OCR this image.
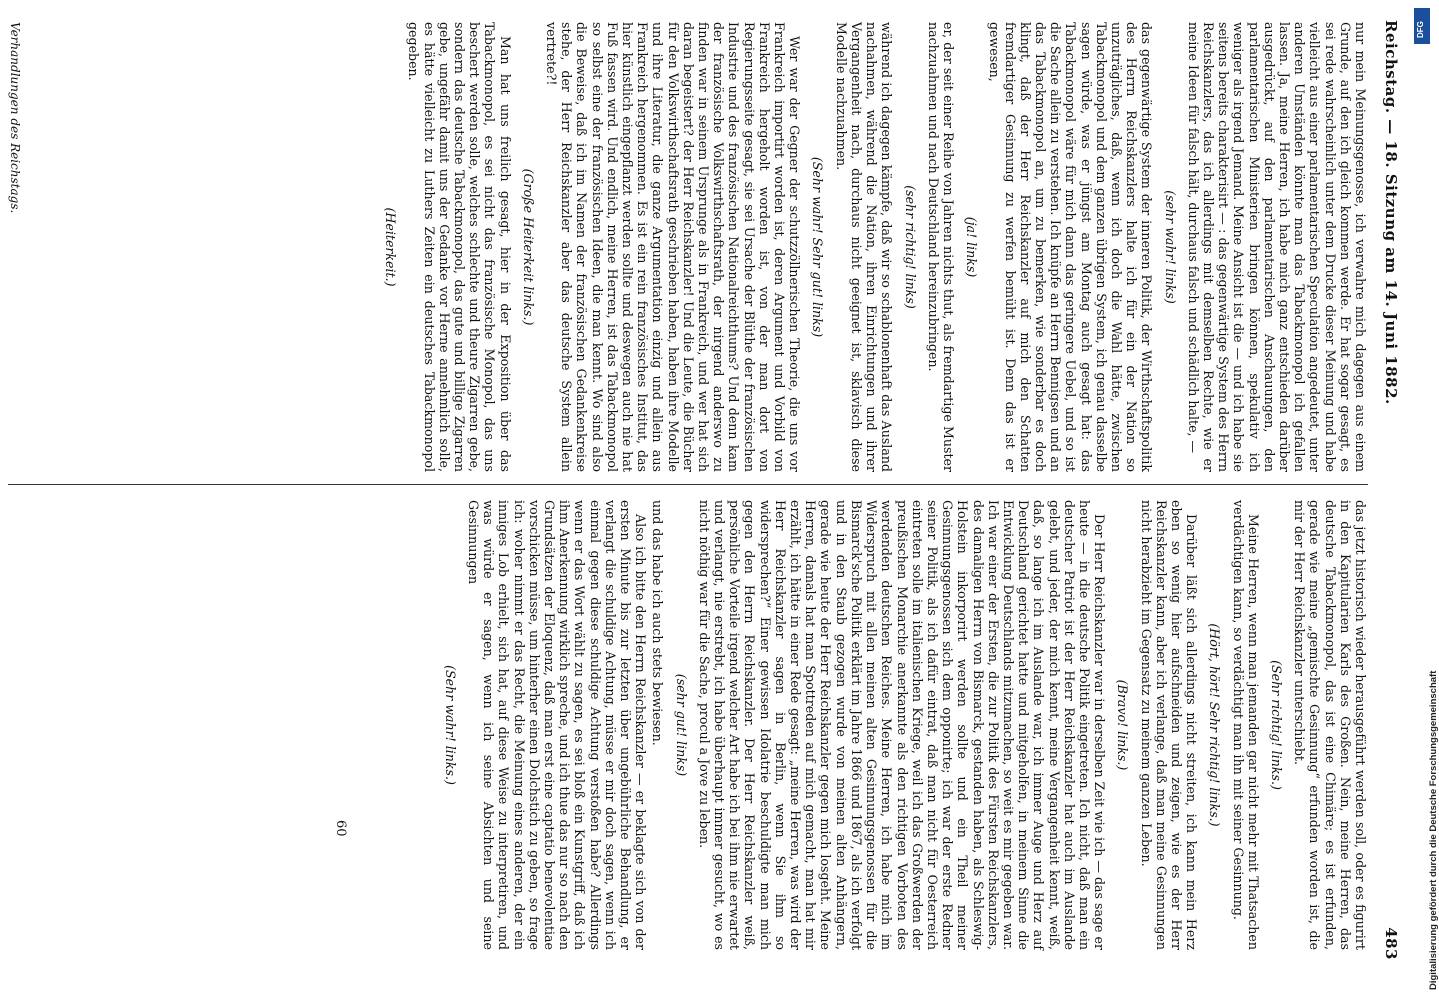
Reichstag. — 18. Sitzung am 14. Juni 1882.
483

nur mein Meinungsgenosse, ich verwahre mich dagegen aus einem Grunde, auf den ich gleich kommen werde. Er hat sogar gesagt, es sei rede wahrscheinlich unter dem Drucke dieser Meinung und habe vielleicht aus einer parlamentarischen Speculation angedeutet, unter anderen Umständen könnte man das Tabackmonopol ich gefallen lassen. Ja, meine Herren, ich habe mich ganz entschieden darüber ausgedrückt, auf den parlamentarischen Anschauungen, den parlamentarischen Ministerien bringen können, spekulativ ich weniger als irgend Jemand. Meine Ansicht ist die — und ich habe sie seitens bereits charakterisirt — : das gegenwärtige System des Herrn Reichskanzlers, das ich allerdings mit demselben Rechte, wie er meine Ideen für falsch hält, durchaus falsch und schädlich halte, —

(sehr wahr! links)

das gegenwärtige System der inneren Politik, der Wirthschaftspolitik des Herrn Reichskanzlers halte ich für ein der Nation so unzuträgliches, daß, wenn ich doch die Wahl hätte, zwischen Tabackmonopol und dem ganzen übrigen System, ich genau dasselbe sagen würde, was er jüngst am Montag auch gesagt hat: das Tabackmonopol wäre für mich dann das geringere Uebel, und so ist die Sache allein zu verstehen. Ich knüpfe an Herrn Bennigsen und an das Tabackmonopol an, um zu bemerken, wie sonderbar es doch klingt, daß der Herr Reichskanzler auf mich den Schatten fremdartiger Gesinnung zu werfen bemüht ist. Denn das ist er gewesen,

(ja! links)

er, der seit einer Reihe von Jahren nichts thut, als fremdartige Muster nachzuahmen und nach Deutschland hereinzubringen.

(sehr richtig! links)

während ich dagegen kämpfe, daß wir so schablonenhaft das Ausland nachahmen, während die Nation, ihren Einrichtungen und ihrer Vergangenheit nach, durchaus nicht geeignet ist, sklavisch diese Modelle nachzuahmen.

(Sehr wahr! Sehr gut! links)

Wer war der Gegner der schutzzöllnerischen Theorie, die uns vor Frankreich importirt worden ist, deren Argument und Vorbild von Frankreich hergeholt worden ist, von der man dort von Regierungsseite gesagt, sie sei Ursache der Blüthe der französischen Industrie und des französischen Nationalreichthums? Und denn kam der französische Volkswirthschaftsrath, der nirgend anderswo zu finden war in seinem Ursprunge als in Frankreich, und wer hat sich daran begeistert? der Herr Reichskanzler! Und die Leute, die Bücher für den Volkswirthschaftsrath geschrieben haben, haben ihre Modelle und ihre Literatur, die ganze Argumentation einzig und allein aus Frankreich hergenommen. Es ist ein rein französisches Institut, das hier künstlich eingepflanzt werden sollte und deswegen auch nie hat Fuß fassen wird. Und endlich, meine Herren, ist das Tabackmonopol so selbst eine der französischen Ideen, die man kennt. Wo sind also die Beweise, daß ich im Namen der französischen Gedankenkreise stehe, der Herr Reichskanzler aber das deutsche System allein vertrete?!

(Große Heiterkeit links.)

Man hat uns freilich gesagt, hier in der Exposition über das Tabackmonopol, es sei nicht das französische Monopol, das uns beschert werden solle, welches schlechte und theure Zigarren gebe, sondern das deutsche Tabackmonopol, das gute und billige Zigarren gebe, ungefähr damit uns der Gedanke vor Herne annehmlich solle, es hätte vielleicht zu Luthers Zeiten ein deutsches Tabackmonopol gegeben.

(Heiterkeit.)

das jetzt historisch wieder herausgeführt werden soll, oder es figurirt in den Kapitularien Karls des Großen. Nein, meine Herren, das deutsche Tabackmonopol, das ist eine Chimäre; es ist erfunden, gerade wie meine „gemischte Gesinnung“ erfunden worden ist, die mir der Herr Reichskanzler unterschiebt.

(Sehr richtig! links.)

Meine Herren, wenn man jemanden gar nicht mehr mit Thatsachen verdächtigen kann, so verdächtigt man ihn mit seiner Gesinnung.

(Hört, hört! Sehr richtig! links.)

Darüber läßt sich allerdings nicht streiten, ich kann mein Herz eben so wenig hier aufschneiden und zeigen, wie es der Herr Reichskanzler kann, aber ich verlange, daß man meine Gesinnungen nicht herabzieht im Gegensatz zu meinem ganzen Leben.

(Bravo! links.)

Der Herr Reichskanzler war in derselben Zeit wie ich — das sage er heute — in die deutsche Politik eingetreten. Ich nicht, daß man ein deutscher Patriot ist der Herr Reichskanzler hat auch im Auslande gelebt, und jeder, der mich kennt, meine Vergangenheit kennt, weiß, daß, so lange ich im Auslande war, ich immer Auge und Herz auf Deutschland gerichtet hatte und mitgeholfen, in meinem Sinne die Entwicklung Deutschlands mitzumachen, so weit es mir gegeben war. Ich war einer der Ersten, die zur Politik des Fürsten Reichskanzlers, des damaligen Herrn von Bismarck, gestanden haben, als Schleswig-Holstein inkorporirt werden sollte und ein Theil meiner Gesinnungsgenossen sich dem opponirte; ich war der erste Redner seiner Politik, als ich dafür eintrat, daß man nicht für Oesterreich eintreten solle im italienischen Kriege, weil ich das Großwerden der preußischen Monarchie anerkannte als den richtigen Vorboten des werdenden deutschen Reiches. Meine Herren, ich habe mich im Widerspruch mit allen meinen alten Gesinnungsgenossen für die Bismarck'sche Politik erklärt im Jahre 1866 und 1867, als ich verfolgt und in den Staub gezogen wurde von meinen alten Anhängern, gerade wie heute der Herr Reichskanzler gegen mich losgeht. Meine Herren, damals hat man Spottreden auf mich gemacht, man hat mir erzählt, ich hätte in einer Rede gesagt: „meine Herren, was wird der Herr Reichskanzler sagen in Berlin, wenn Sie ihm so widersprechen?“ Einer gewissen Idolatrie beschuldigte man mich gegen den Herrn Reichskanzler. Der Herr Reichskanzler weiß, persönliche Vorteile irgend welcher Art habe ich bei ihm nie erwartet und verlangt, nie erstrebt, ich habe überhaupt immer gesucht, wo es nicht nöthig war für die Sache, procul a Jove zu leben.

(sehr gut! links)

und das habe ich auch stets bewiesen.

Also ich bitte den Herrn Reichskanzler — er beklagte sich von der ersten Minute bis zur letzten über ungebührliche Behandlung, er verlangt die schuldige Achtung, müsse er mir doch sagen, wenn ich einmal gegen diese schuldige Achtung verstoßen habe? Allerdings wenn er das Wort wählt zu sagen, es sei bloß ein Kunstgriff, daß ich ihm Anerkennung wirklich spreche, und ich thue das nur so nach den Grundsätzen der Eloquenz, daß man erst eine captatio benevolentiae vorschicken müsse, um hinterher einen Dolchstich zu geben, so frage ich: woher nimmt er das Recht, die Meinung eines anderen, der ein inniges Lob erhielt, sich hat, auf diese Weise zu interpretiren, und was würde er sagen, wenn ich seine Absichten und seine Gesinnungen

(Sehr wahr! links.)

Verhandlungen des Reichstags.
60
DFG
Digitalisierung gefördert durch die Deutsche Forschungsgemeinschaft
